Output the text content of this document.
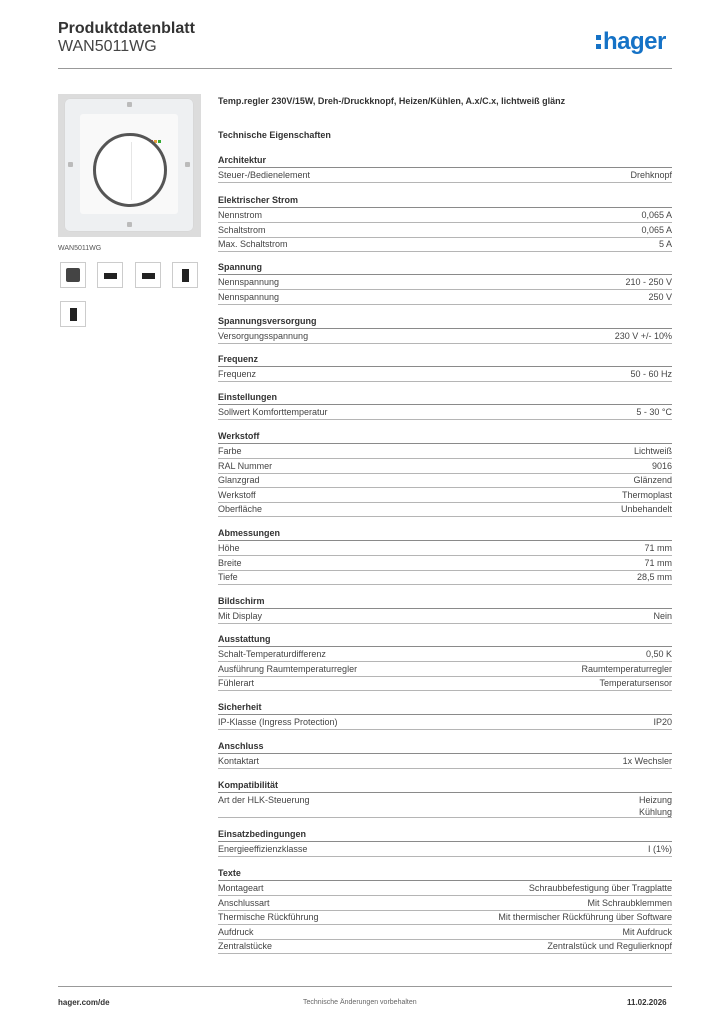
Produktdatenblatt
WAN5011WG	hager
WAN5011WG
Temp.regler 230V/15W, Dreh-/Druckknopf, Heizen/Kühlen, A.x/C.x, lichtweiß glänz
Technische Eigenschaften
Architektur
Steuer-/Bedienelement	Drehknopf
Elektrischer Strom
Nennstrom	0,065 A
Schaltstrom	0,065 A
Max. Schaltstrom	5 A
Spannung
Nennspannung	210 - 250 V
Nennspannung	250 V
Spannungsversorgung
Versorgungsspannung	230 V +/- 10%
Frequenz
Frequenz	50 - 60 Hz
Einstellungen
Sollwert Komforttemperatur	5 - 30 °C
Werkstoff
Farbe	Lichtweiß
RAL Nummer	9016
Glanzgrad	Glänzend
Werkstoff	Thermoplast
Oberfläche	Unbehandelt
Abmessungen
Höhe	71 mm
Breite	71 mm
Tiefe	28,5 mm
Bildschirm
Mit Display	Nein
Ausstattung
Schalt-Temperaturdifferenz	0,50 K
Ausführung Raumtemperaturregler	Raumtemperaturregler
Fühlerart	Temperatursensor
Sicherheit
IP-Klasse (Ingress Protection)	IP20
Anschluss
Kontaktart	1x Wechsler
Kompatibilität
Art der HLK-Steuerung	Heizung
Kühlung
Einsatzbedingungen
Energieeffizienzklasse	I (1%)
Texte
Montageart	Schraubbefestigung über Tragplatte
Anschlussart	Mit Schraubklemmen
Thermische Rückführung	Mit thermischer Rückführung über Software
Aufdruck	Mit Aufdruck
Zentralstücke	Zentralstück und Regulierknopf
hager.com/de	Technische Änderungen vorbehalten	11.02.2026
